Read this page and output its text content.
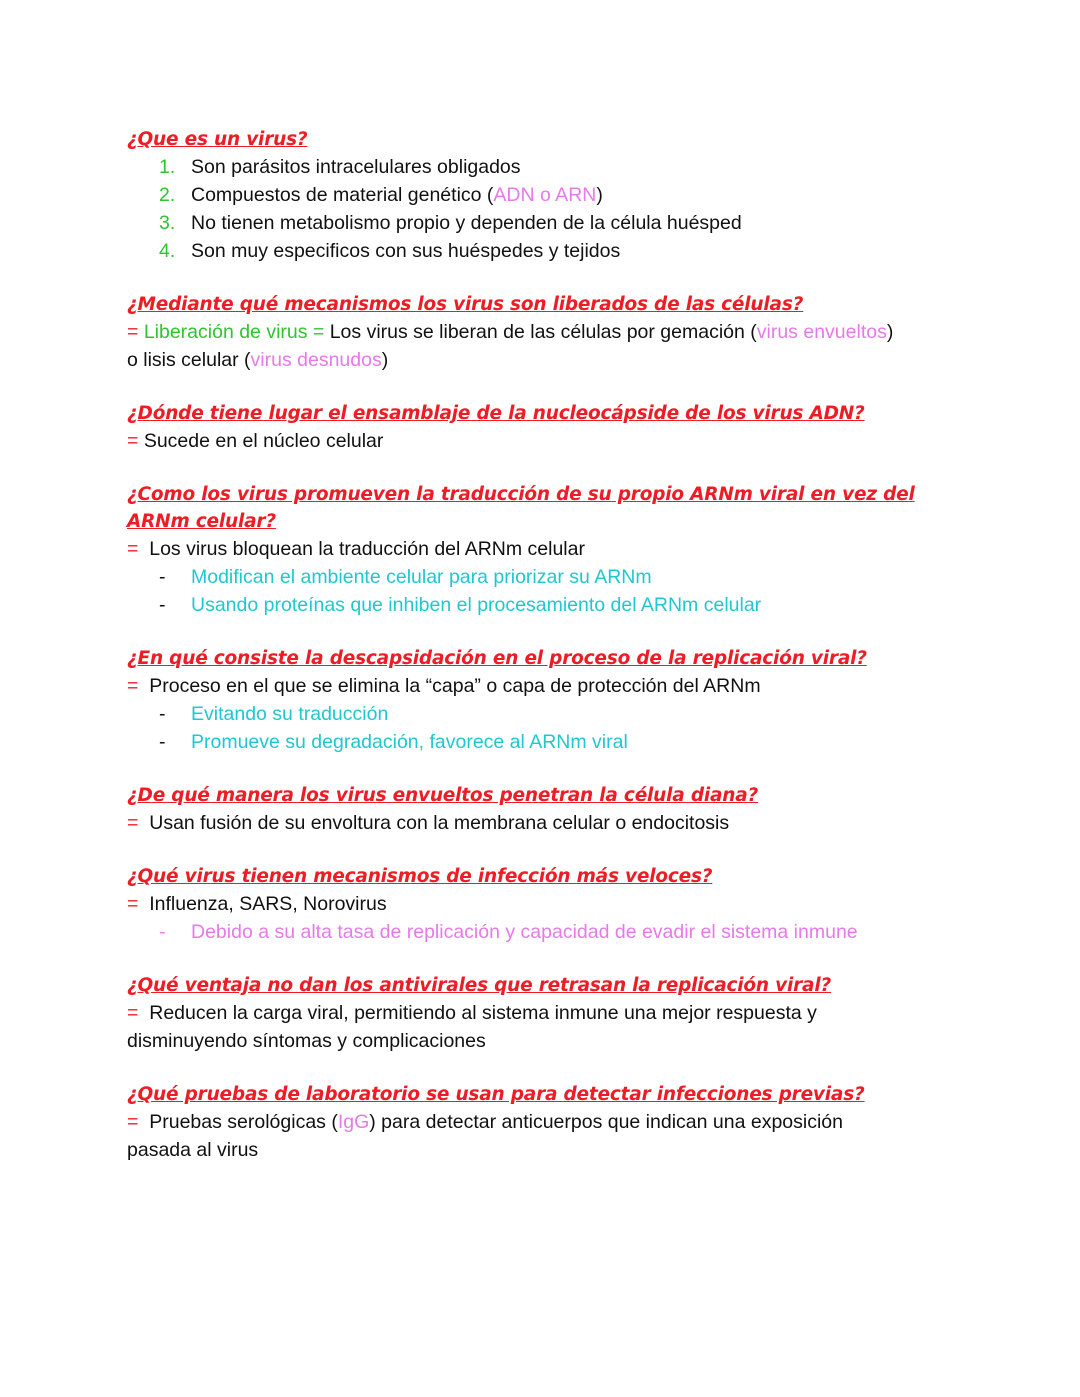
¿Que es un virus?

1. Son parásitos intracelulares obligados
2. Compuestos de material genético (ADN o ARN)
3. No tienen metabolismo propio y dependen de la célula huésped
4. Son muy especificos con sus huéspedes y tejidos

¿Mediante qué mecanismos los virus son liberados de las células?

= Liberación de virus = Los virus se liberan de las células por gemación (virus envueltos)

o lisis celular (virus desnudos)

¿Dónde tiene lugar el ensamblaje de la nucleocápside de los virus ADN?

= Sucede en el núcleo celular

¿Como los virus promueven la traducción de su propio ARNm viral en vez del ARNm celular?

= Los virus bloquean la traducción del ARNm celular

- Modifican el ambiente celular para priorizar su ARNm
- Usando proteínas que inhiben el procesamiento del ARNm celular

¿En qué consiste la descapsidación en el proceso de la replicación viral?

= Proceso en el que se elimina la “capa” o capa de protección del ARNm

- Evitando su traducción
- Promueve su degradación, favorece al ARNm viral

¿De qué manera los virus envueltos penetran la célula diana?

= Usan fusión de su envoltura con la membrana celular o endocitosis

¿Qué virus tienen mecanismos de infección más veloces?

= Influenza, SARS, Norovirus

- Debido a su alta tasa de replicación y capacidad de evadir el sistema inmune

¿Qué ventaja no dan los antivirales que retrasan la replicación viral?

= Reducen la carga viral, permitiendo al sistema inmune una mejor respuesta y

disminuyendo síntomas y complicaciones

¿Qué pruebas de laboratorio se usan para detectar infecciones previas?

= Pruebas serológicas (IgG) para detectar anticuerpos que indican una exposición

pasada al virus
